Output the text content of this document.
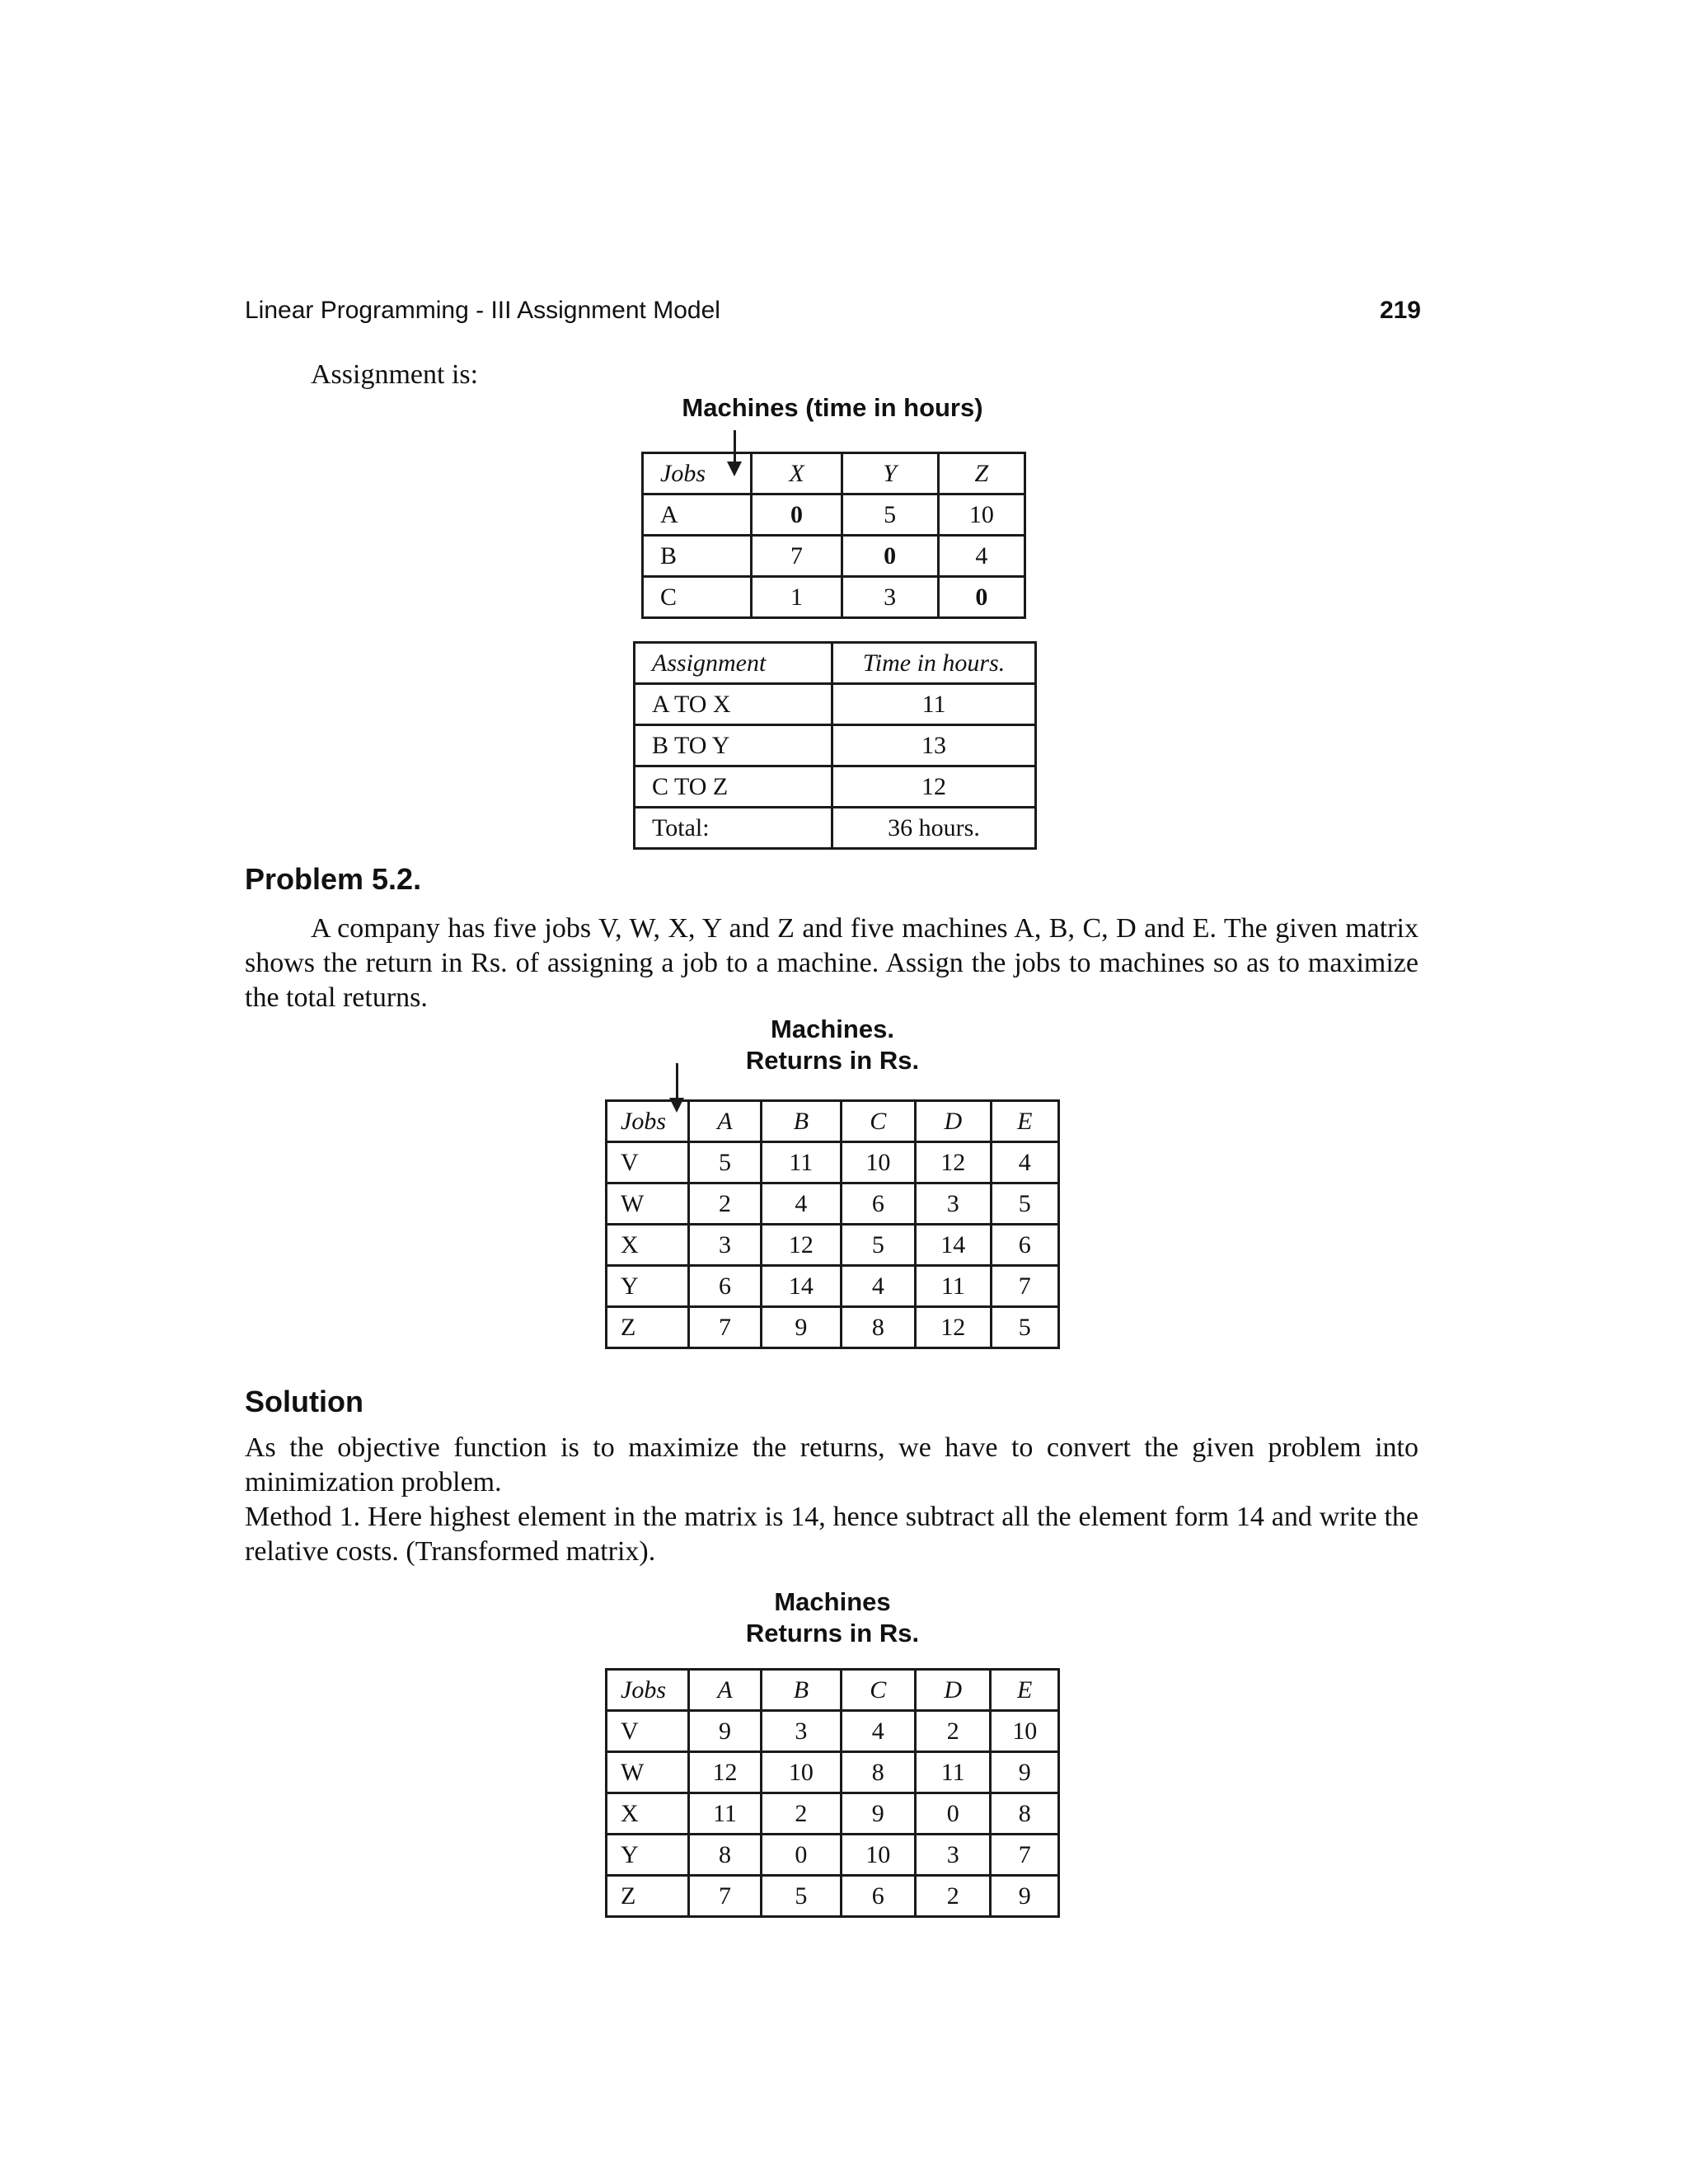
Linear Programming - III Assignment Model	219
Assignment is:
Machines (time in hours)
Jobs	X	Y	Z
A	0	5	10
B	7	0	4
C	1	3	0
Assignment	Time in hours.
A TO X	11
B TO Y	13
C TO Z	12
Total:	36 hours.
Problem 5.2.
A company has five jobs V, W, X, Y and Z and five machines A, B, C, D and E. The given matrix shows the return in Rs. of assigning a job to a machine. Assign the jobs to machines so as to maximize the total returns.
Machines.
Returns in Rs.
Jobs	A	B	C	D	E
V	5	11	10	12	4
W	2	4	6	3	5
X	3	12	5	14	6
Y	6	14	4	11	7
Z	7	9	8	12	5
Solution
As the objective function is to maximize the returns, we have to convert the given problem into minimization problem.
Method 1. Here highest element in the matrix is 14, hence subtract all the element form 14 and write the relative costs. (Transformed matrix).
Machines
Returns in Rs.
Jobs	A	B	C	D	E
V	9	3	4	2	10
W	12	10	8	11	9
X	11	2	9	0	8
Y	8	0	10	3	7
Z	7	5	6	2	9
